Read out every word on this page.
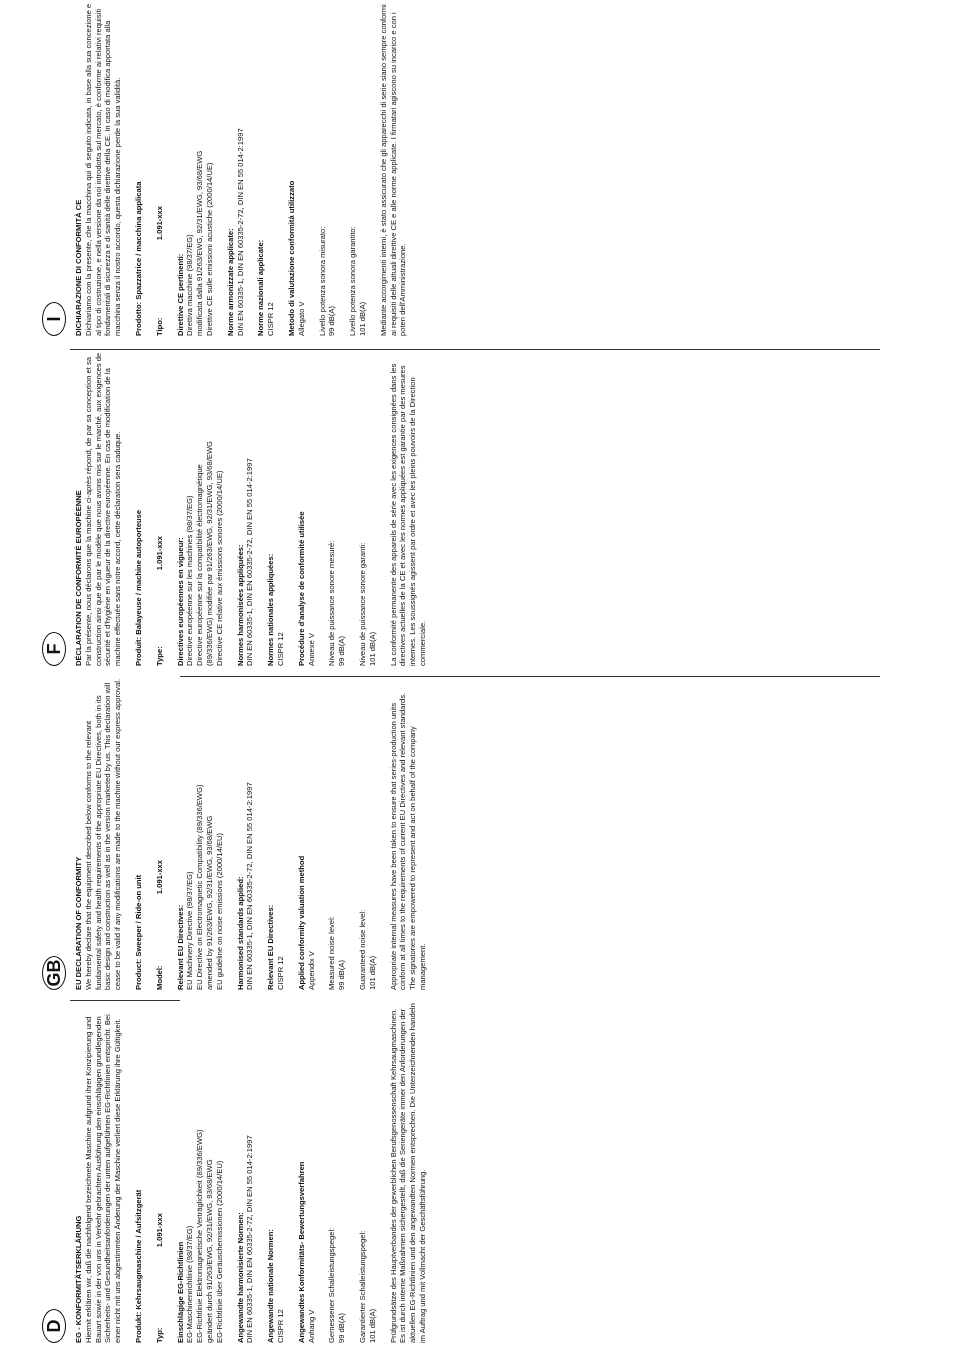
D EG - KONFORMITÄTSERKLÄRUNG Hiermit erklären wir, daß die nachfolgend bezeichnete Maschine aufgrund ihrer Konzipierung und Bauart sowie in der von uns in Verkehr gebrachten Ausführung den einschlägigen grundlegenden Sicherheits- und Gesundheitsanforderungen der unten aufgeführten EG-Richtlinien entspricht. Bei einer nicht mit uns abgestimmten Änderung der Maschine verliert diese Erklärung ihre Gültigkeit. Produkt: Kehrsaugmaschine / Aufsitzgerät Typ:
1.091-xxx
Einschlägige EG-Richtlinien EG-Maschinenrichtlinie (98/37/EG) EG-Richtlinie Elektromagnetische Verträglichkeit (89/336/EWG) geändert durch 91/263/EWG, 92/31/EWG, 93/68/EWG EG-Richtlinie über Geräuschemissionen (2000/14/EU) Angewandte harmonisierte Normen: DIN EN 60335-1, DIN EN 60335-2-72, DIN EN 55 014-2:1997 Angewandte nationale Normen: CISPR 12 Angewandtes Konformitäts- Bewertungsverfahren Anhang V Gemessener Schalleistungspegel: 99 dB(A) Garantierter Schalleistungspegel: 101 dB(A) Prüfgrundsätze des Hauptverbandes der gewerblichen Berufsgenossenschaft Kehrsaugmaschinen. Es ist durch interne Maßnahmen sichergestellt, daß die Seriengeräte immer den Anforderungen der aktuellen EG-Richtlinien und den angewandten Normen entsprechen. Die Unterzeichnenden handeln im Auftrag und mit Vollmacht der Geschäftsführung.
GB EU DECLARATION OF CONFORMITY We hereby declare that the equipment described below conforms to the relevant fundamental safety and health requirements of the appropriate EU Directives, both in its basic design and construction as well as in the version marketed by us. This declaration will cease to be valid if any modifications are made to the machine without our express approval. Product: Sweeper / Ride-on unit Model:
1.091-xxx
Relevant EU Directives: EU Machinery Directive (98/37/EG) EU Directive on Electromagnetic Compatibility (89/336/EWG) amended by 91/263/EWG, 92/31/EWG, 93/68/EWG EU guideline on noise emissions (2000/14/EU) Harmonised standards applied: DIN EN 60335-1, DIN EN 60335-2-72, DIN EN 55 014-2:1997 Relevant EU Directives: CISPR 12 Applied conformity valuation method Appendix V Measured noise level: 99 dB(A) Guaranteed noise level: 101 dB(A) Appropriate internal measures have been taken to ensure that series-production units conform at all times to the requirements of current EU Directives and relevant standards. The signatories are empowered to represent and act on behalf of the company management.
F DÉCLARATION DE CONFORMITÉ EUROPÉENNE Par la présente, nous déclarons que la machine ci-après répond, de par sa conception et sa construction ainsi que de par le modèle que nous avons mis sur le marché, aux exigences de sécurité et d'hygiène en vigueur de la directive européenne. En cas de modification de la machine effectuée sans notre accord, cette déclaration sera caduque. Produit: Balayeuse / machine autoporteuse Type:
1.091-xxx Directives européennes en vigueur: Directive européenne sur les machines (98/37/EG) Directive européenne sur la compatibilité électromagnétique (89/336/EWG) modifiée par 91/263/EWG, 92/31/EWG, 93/68/EWG Directive CE relative aux émissions sonores (2000/14/UE) Normes harmonisées appliquées: DIN EN 60335-1, DIN EN 60335-2-72, DIN EN 55 014-2:1997 Normes nationales appliquées: CISPR 12 Procédure d'analyse de conformité utilisée Annexe V Niveau de puissance sonore mesuré: 99 dB(A) Niveau de puissance sonore garanti: 101 dB(A) La conformité permanente des appareils de série avec les exigences consignées dans les directives actuelles de la CE et avec les normes appliquées est garantie par des mesures internes. Les soussignés agissent par ordre et avec les pleins pouvoirs de la Direction commerciale.
I DICHIARAZIONE DI CONFORMITÀ CE Dichiariamo con la presente, che la macchina qui di seguito indicata, in base alla sua concezione e al tipo di costruzione, e nella versione da noi introdotta sul mercato, è conforme ai relativi requisiti fondamentali di sicurezza e di sanità delle direttive della CE. In caso di modifica apportata alla macchina senza il nostro accordo, questa dichiarazione perde la sua validità. Prodotto: Spazzatrice / macchina applicata Tipo:
1.091-xxx
Direttive CE pertinenti: Direttiva macchine (98/37/EG) modificata dalla 91/263/EWG, 92/31/EWG, 93/68/EWG Direttive CE sulle emissioni acustiche (2000/14/UE) Norme armonizzate applicate: DIN EN 60335-1, DIN EN 60335-2-72, DIN EN 55 014-2:1997 Norme nazionali applicate: CISPR 12 Metodo di valutazione conformità utilizzato Allegato V Livello potenza sonora misurato: 99 dB(A) Livello potenza sonora garantito: 101 dB(A) Mediante accorgimenti interni, è stato assicurato che gli apparecchi di serie siano sempre conformi ai requisiti delle attuali direttive CE e alle norme applicate. I firmatari agiscono su incarico e con i poteri dell'Amministrazione.
